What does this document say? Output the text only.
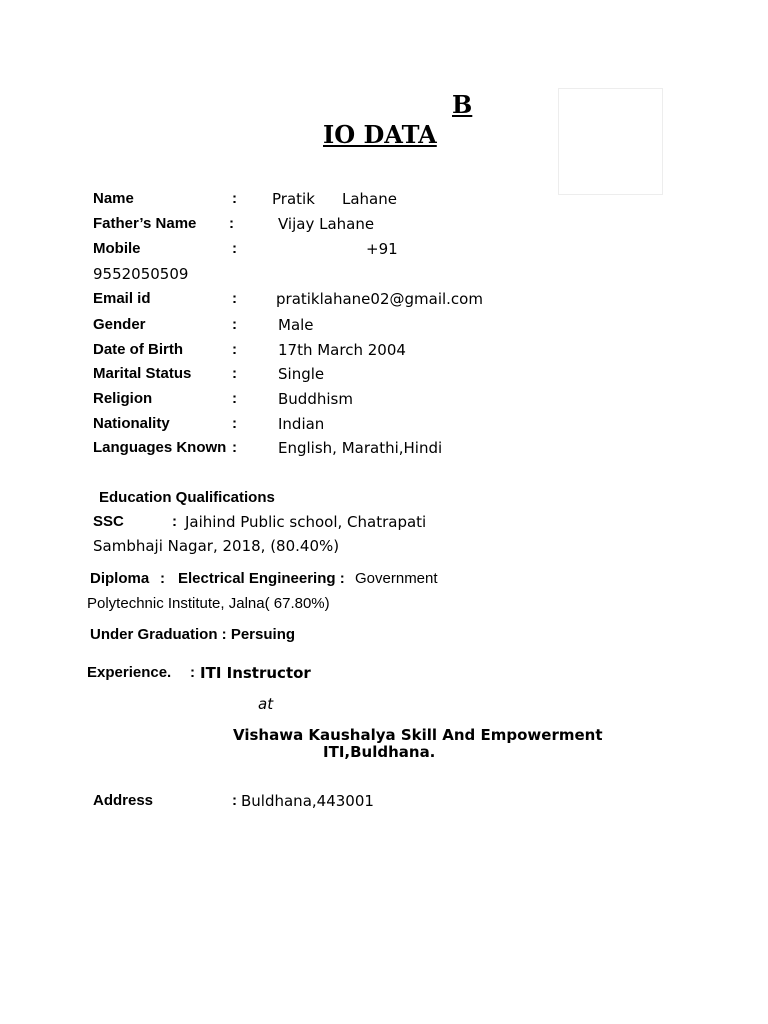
B
IO DATA
Name	: Pratik Lahane
Father’s Name :	Vijay Lahane
Mobile	:	+91
9552050509
Email id	:	pratiklahane02@gmail.com
Gender	:	Male
Date of Birth	:	17th March 2004
Marital Status	:	Single
Religion	:	Buddhism
Nationality	:	Indian
Languages Known :	English, Marathi,Hindi
Education Qualifications
SSC	: Jaihind Public school, Chatrapati
Sambhaji Nagar, 2018, (80.40%)
Diploma : Electrical Engineering : Government
Polytechnic Institute, Jalna( 67.80%)
Under Graduation : Persuing
Experience. : ITI Instructor
at
Vishawa Kaushalya Skill And Empowerment
ITI,Buldhana.
Address	: Buldhana,443001
